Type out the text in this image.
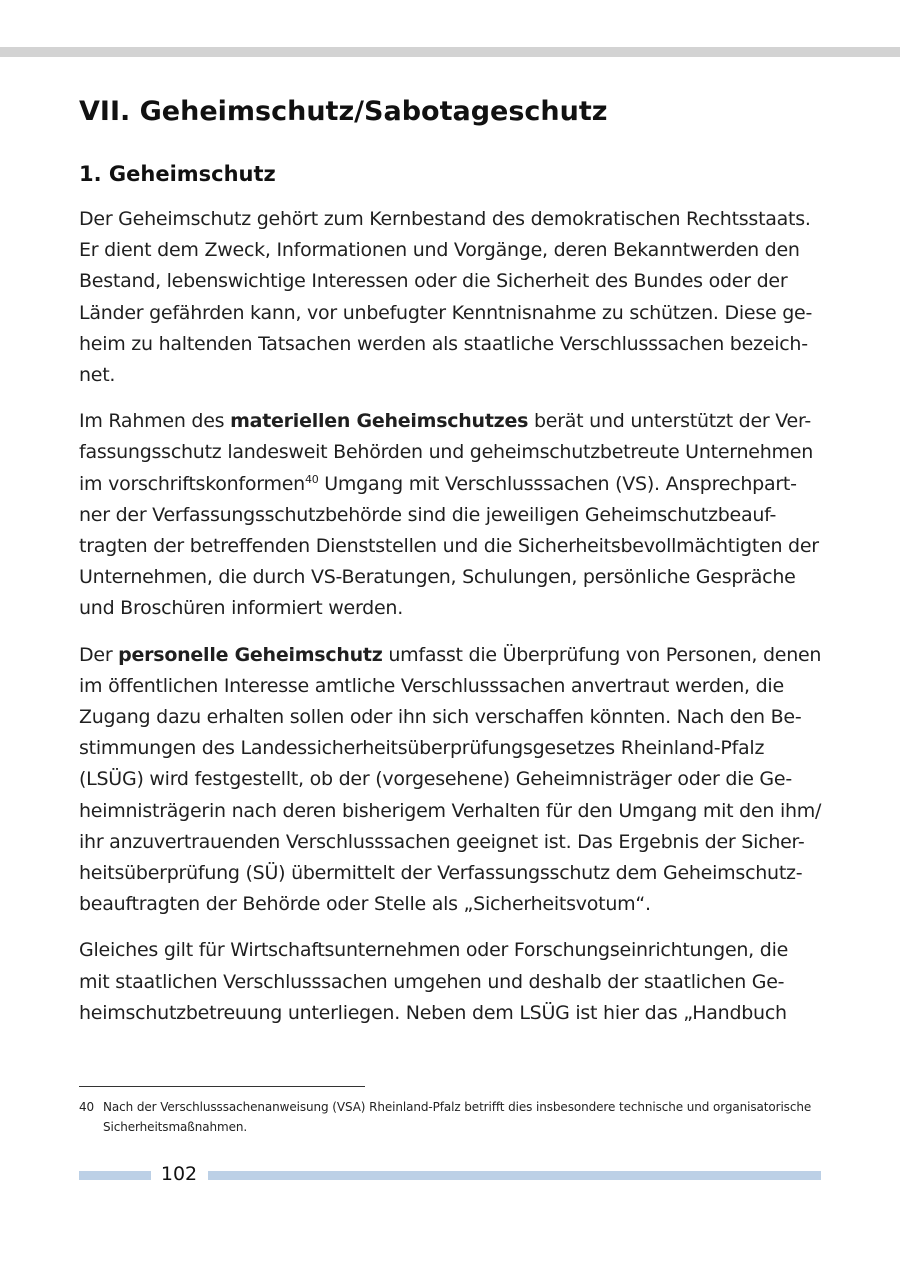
VII. Geheimschutz/Sabotageschutz
1. Geheimschutz

Der Geheimschutz gehört zum Kernbestand des demokratischen Rechtsstaats.
Er dient dem Zweck, Informationen und Vorgänge, deren Bekanntwerden den
Bestand, lebenswichtige Interessen oder die Sicherheit des Bundes oder der
Länder gefährden kann, vor unbefugter Kenntnisnahme zu schützen. Diese ge-
heim zu haltenden Tatsachen werden als staatliche Verschlusssachen bezeich-
net.

Im Rahmen des materiellen Geheimschutzes berät und unterstützt der Ver-
fassungsschutz landesweit Behörden und geheimschutzbetreute Unternehmen
im vorschriftskonformen$^{40}$ Umgang mit Verschlusssachen (VS). Ansprechpart-
ner der Verfassungsschutzbehörde sind die jeweiligen Geheimschutzbeauf-
tragten der betreffenden Dienststellen und die Sicherheitsbevollmächtigten der
Unternehmen, die durch VS-Beratungen, Schulungen, persönliche Gespräche
und Broschüren informiert werden.

Der personelle Geheimschutz umfasst die Überprüfung von Personen, denen
im öffentlichen Interesse amtliche Verschlusssachen anvertraut werden, die
Zugang dazu erhalten sollen oder ihn sich verschaffen könnten. Nach den Be-
stimmungen des Landessicherheitsüberprüfungsgesetzes Rheinland-Pfalz
(LSÜG) wird festgestellt, ob der (vorgesehene) Geheimnisträger oder die Ge-
heimnisträgerin nach deren bisherigem Verhalten für den Umgang mit den ihm/
ihr anzuvertrauenden Verschlusssachen geeignet ist. Das Ergebnis der Sicher-
heitsüberprüfung (SÜ) übermittelt der Verfassungsschutz dem Geheimschutz-
beauftragten der Behörde oder Stelle als „Sicherheitsvotum“.

Gleiches gilt für Wirtschaftsunternehmen oder Forschungseinrichtungen, die
mit staatlichen Verschlusssachen umgehen und deshalb der staatlichen Ge-
heimschutzbetreuung unterliegen. Neben dem LSÜG ist hier das „Handbuch

40 Nach der Verschlusssachenanweisung (VSA) Rheinland-Pfalz betrifft dies insbesondere technische und organisatorische
Sicherheitsmaßnahmen.
102
